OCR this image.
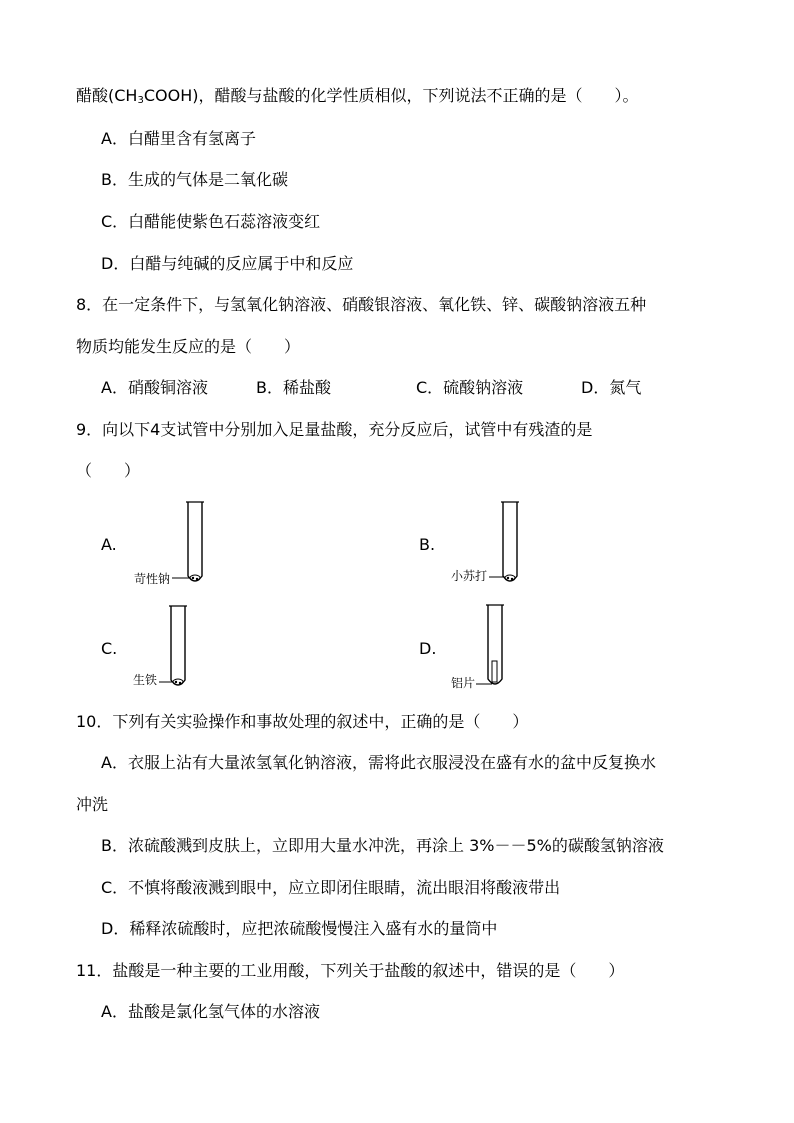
醋酸$(CH_3COOH)$，醋酸与盐酸的化学性质相似，下列说法不正确的是（　　）。
A．白醋里含有氢离子
B．生成的气体是二氧化碳
C．白醋能使紫色石蕊溶液变红
D．白醋与纯碱的反应属于中和反应
8．在一定条件下，与氢氧化钠溶液、硝酸银溶液、氧化铁、锌、碳酸钠溶液五种
物质均能发生反应的是（　　）
A．硝酸铜溶液	B．稀盐酸	C．硫酸钠溶液	D．氮气
9．向以下4支试管中分别加入足量盐酸，充分反应后，试管中有残渣的是
（　　）
A.
苛性钠
B.
小苏打
C.
生铁
D.
铝片
10．下列有关实验操作和事故处理的叙述中，正确的是（　　）
A．衣服上沾有大量浓氢氧化钠溶液，需将此衣服浸没在盛有水的盆中反复换水
冲洗
B．浓硫酸溅到皮肤上，立即用大量水冲洗，再涂上 3%－－5%的碳酸氢钠溶液
C．不慎将酸液溅到眼中，应立即闭住眼睛，流出眼泪将酸液带出
D．稀释浓硫酸时，应把浓硫酸慢慢注入盛有水的量筒中
11．盐酸是一种主要的工业用酸，下列关于盐酸的叙述中，错误的是（　　）
A．盐酸是氯化氢气体的水溶液
